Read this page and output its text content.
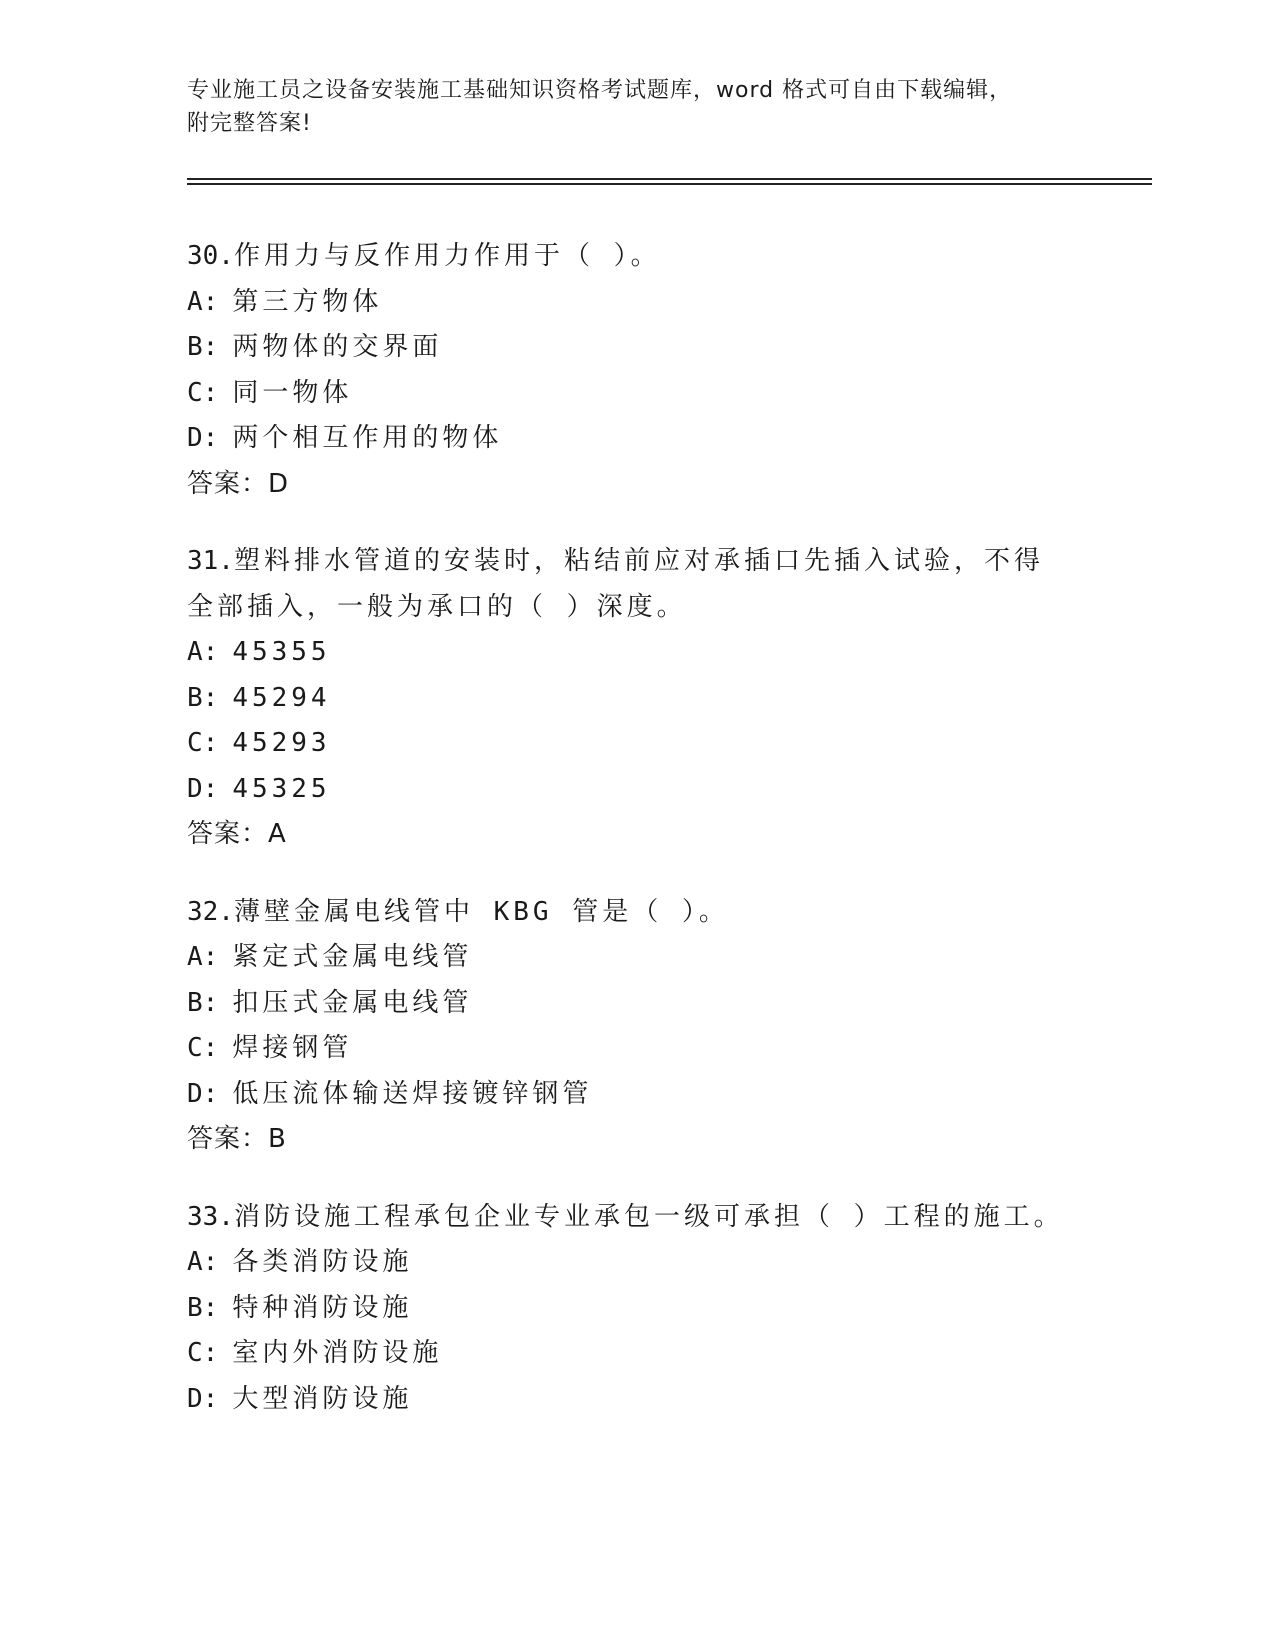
专业施工员之设备安装施工基础知识资格考试题库，word 格式可自由下载编辑，
附完整答案!
30.作用力与反作用力作用于（ ）。
A: 第三方物体
B: 两物体的交界面
C: 同一物体
D: 两个相互作用的物体
答案：D
31.塑料排水管道的安装时，粘结前应对承插口先插入试验，不得全部插入，一般为承口的（ ）深度。
A: 45355
B: 45294
C: 45293
D: 45325
答案：A
32.薄壁金属电线管中 KBG 管是（ ）。
A: 紧定式金属电线管
B: 扣压式金属电线管
C: 焊接钢管
D: 低压流体输送焊接镀锌钢管
答案：B
33.消防设施工程承包企业专业承包一级可承担（ ）工程的施工。
A: 各类消防设施
B: 特种消防设施
C: 室内外消防设施
D: 大型消防设施
